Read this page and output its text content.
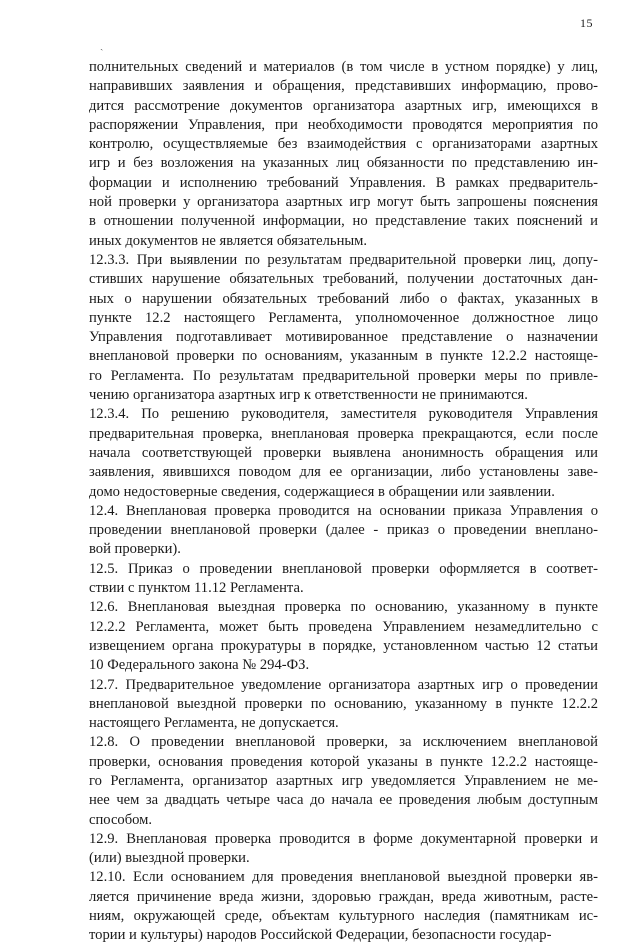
15
ˏ
полнительных сведений и материалов (в том числе в устном порядке) у лиц,
направивших заявления и обращения, представивших информацию, прово-
дится рассмотрение документов организатора азартных игр, имеющихся в
распоряжении Управления, при необходимости проводятся мероприятия по
контролю, осуществляемые без взаимодействия с организаторами азартных
игр и без возложения на указанных лиц обязанности по представлению ин-
формации и исполнению требований Управления. В рамках предваритель-
ной проверки у организатора азартных игр могут быть запрошены пояснения
в отношении полученной информации, но представление таких пояснений и
иных документов не является обязательным.
12.3.3. При выявлении по результатам предварительной проверки лиц, допу-
стивших нарушение обязательных требований, получении достаточных дан-
ных о нарушении обязательных требований либо о фактах, указанных в
пункте 12.2 настоящего Регламента, уполномоченное должностное лицо
Управления подготавливает мотивированное представление о назначении
внеплановой проверки по основаниям, указанным в пункте 12.2.2 настояще-
го Регламента. По результатам предварительной проверки меры по привле-
чению организатора азартных игр к ответственности не принимаются.
12.3.4. По решению руководителя, заместителя руководителя Управления
предварительная проверка, внеплановая проверка прекращаются, если после
начала соответствующей проверки выявлена анонимность обращения или
заявления, явившихся поводом для ее организации, либо установлены заве-
домо недостоверные сведения, содержащиеся в обращении или заявлении.
12.4. Внеплановая проверка проводится на основании приказа Управления о
проведении внеплановой проверки (далее - приказ о проведении внепланo-
вой проверки).
12.5. Приказ о проведении внеплановой проверки оформляется в соответ-
ствии с пунктом 11.12 Регламента.
12.6. Внеплановая выездная проверка по основанию, указанному в пункте
12.2.2 Регламента, может быть проведена Управлением незамедлительно с
извещением органа прокуратуры в порядке, установленном частью 12 статьи
10 Федерального закона № 294-ФЗ.
12.7. Предварительное уведомление организатора азартных игр о проведении
внеплановой выездной проверки по основанию, указанному в пункте 12.2.2
настоящего Регламента, не допускается.
12.8. О проведении внеплановой проверки, за исключением внеплановой
проверки, основания проведения которой указаны в пункте 12.2.2 настояще-
го Регламента, организатор азартных игр уведомляется Управлением не ме-
нее чем за двадцать четыре часа до начала ее проведения любым доступным
способом.
12.9. Внеплановая проверка проводится в форме документарной проверки и
(или) выездной проверки.
12.10. Если основанием для проведения внеплановой выездной проверки яв-
ляется причинение вреда жизни, здоровью граждан, вреда животным, расте-
ниям, окружающей среде, объектам культурного наследия (памятникам ис-
тории и культуры) народов Российской Федерации, безопасности государ-
